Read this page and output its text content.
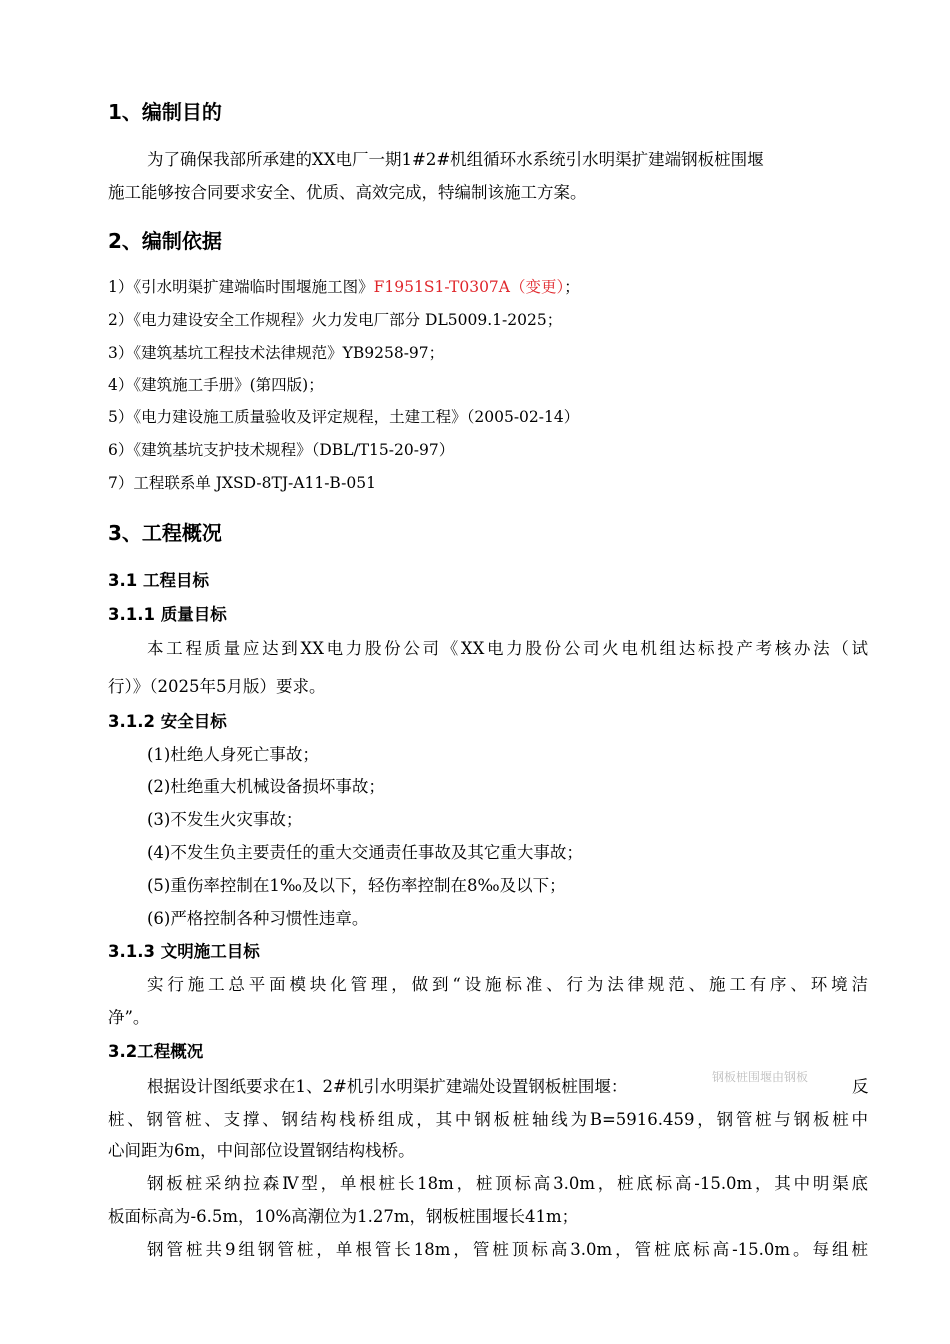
1、编制目的
为了确保我部所承建的XX电厂一期1#2#机组循环水系统引水明渠扩建端钢板桩围堰
施工能够按合同要求安全、优质、高效完成，特编制该施工方案。
2、编制依据
1）《引水明渠扩建端临时围堰施工图》F1951S1-T0307A（变更）；
2）《电力建设安全工作规程》火力发电厂部分 DL5009.1-2025；
3）《建筑基坑工程技术法律规范》YB9258-97；
4）《建筑施工手册》(第四版)；
5）《电力建设施工质量验收及评定规程，土建工程》（2005-02-14）
6）《建筑基坑支护技术规程》（DBL/T15-20-97）
7）工程联系单 JXSD-8TJ-A11-B-051
3、工程概况
3.1 工程目标
3.1.1 质量目标
本工程质量应达到XX电力股份公司《XX电力股份公司火电机组达标投产考核办法（试
行）》（2025年5月版）要求。
3.1.2 安全目标
(1)杜绝人身死亡事故；
(2)杜绝重大机械设备损坏事故；
(3)不发生火灾事故；
(4)不发生负主要责任的重大交通责任事故及其它重大事故；
(5)重伤率控制在1‰及以下，轻伤率控制在8‰及以下；
(6)严格控制各种习惯性违章。
3.1.3 文明施工目标
实行施工总平面模块化管理，做到“设施标准、行为法律规范、施工有序、环境洁
净”。
3.2工程概况
根据设计图纸要求在1、2#机引水明渠扩建端处设置钢板桩围堰：	钢板桩围堰由钢板	反
桩、钢管桩、支撑、钢结构栈桥组成，其中钢板桩轴线为B=5916.459，钢管桩与钢板桩中
心间距为6m，中间部位设置钢结构栈桥。
钢板桩采纳拉森Ⅳ型，单根桩长18m，桩顶标高3.0m，桩底标高-15.0m，其中明渠底
板面标高为-6.5m，10%高潮位为1.27m，钢板桩围堰长41m；
钢管桩共9组钢管桩，单根管长18m，管桩顶标高3.0m，管桩底标高-15.0m。每组桩
